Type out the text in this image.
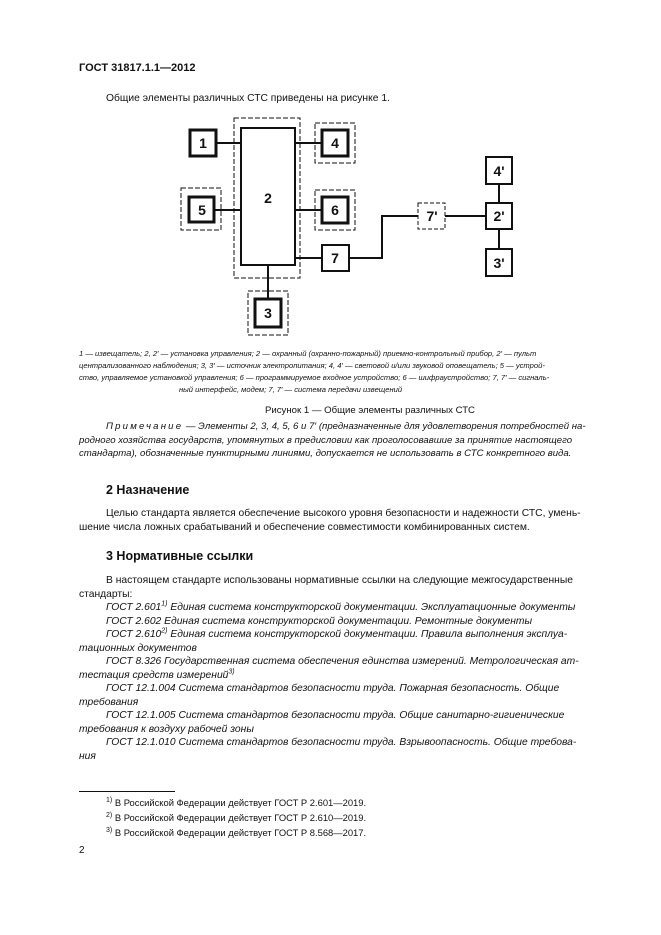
ГОСТ 31817.1.1—2012
Общие элементы различных СТС приведены на рисунке 1.
1
2
4
5	6
7
3
7'
4'
2'
3'
1 — извещатель; 2, 2′ — установка управления; 2 — охранный (охранно-пожарный) приемно-контрольный прибор, 2′ — пульт
централизованного наблюдения; 3, 3′ — источник электропитания; 4, 4′ — световой и/или звуковой оповещатель; 5 — устрой-
ство, управляемое установкой управления; 6 — программируемое входное устройство; 6 — шифраустройство; 7, 7′ — сигналь-
ный интерфейс, модем; 7, 7′ — система передачи извещений
Рисунок 1 — Общие элементы различных СТС
Примечание — Элементы 2, 3, 4, 5, 6 и 7′ (предназначенные для удовлетворения потребностей на-
родного хозяйства государств, упомянутых в предисловии как проголосовавшие за принятие настоящего
стандарта), обозначенные пунктирными линиями, допускается не использовать в СТС конкретного вида.
2 Назначение
Целью стандарта является обеспечение высокого уровня безопасности и надежности СТС, умень-
шение числа ложных срабатываний и обеспечение совместимости комбинированных систем.
3 Нормативные ссылки
В настоящем стандарте использованы нормативные ссылки на следующие межгосударственные
стандарты:
ГОСТ 2.601$^{1)}$ Единая система конструкторской документации. Эксплуатационные документы
ГОСТ 2.602 Единая система конструкторской документации. Ремонтные документы
ГОСТ 2.610$^{2)}$ Единая система конструкторской документации. Правила выполнения эксплуа-
тационных документов
ГОСТ 8.326 Государственная система обеспечения единства измерений. Метрологическая ат-
тестация средств измерений$^{3)}$
ГОСТ 12.1.004 Система стандартов безопасности труда. Пожарная безопасность. Общие
требования
ГОСТ 12.1.005 Система стандартов безопасности труда. Общие санитарно-гигиенические
требования к воздуху рабочей зоны
ГОСТ 12.1.010 Система стандартов безопасности труда. Взрывоопасность. Общие требова-
ния
$^{1)}$ В Российской Федерации действует ГОСТ Р 2.601—2019.
$^{2)}$ В Российской Федерации действует ГОСТ Р 2.610—2019.
$^{3)}$ В Российской Федерации действует ГОСТ Р 8.568—2017.
2
